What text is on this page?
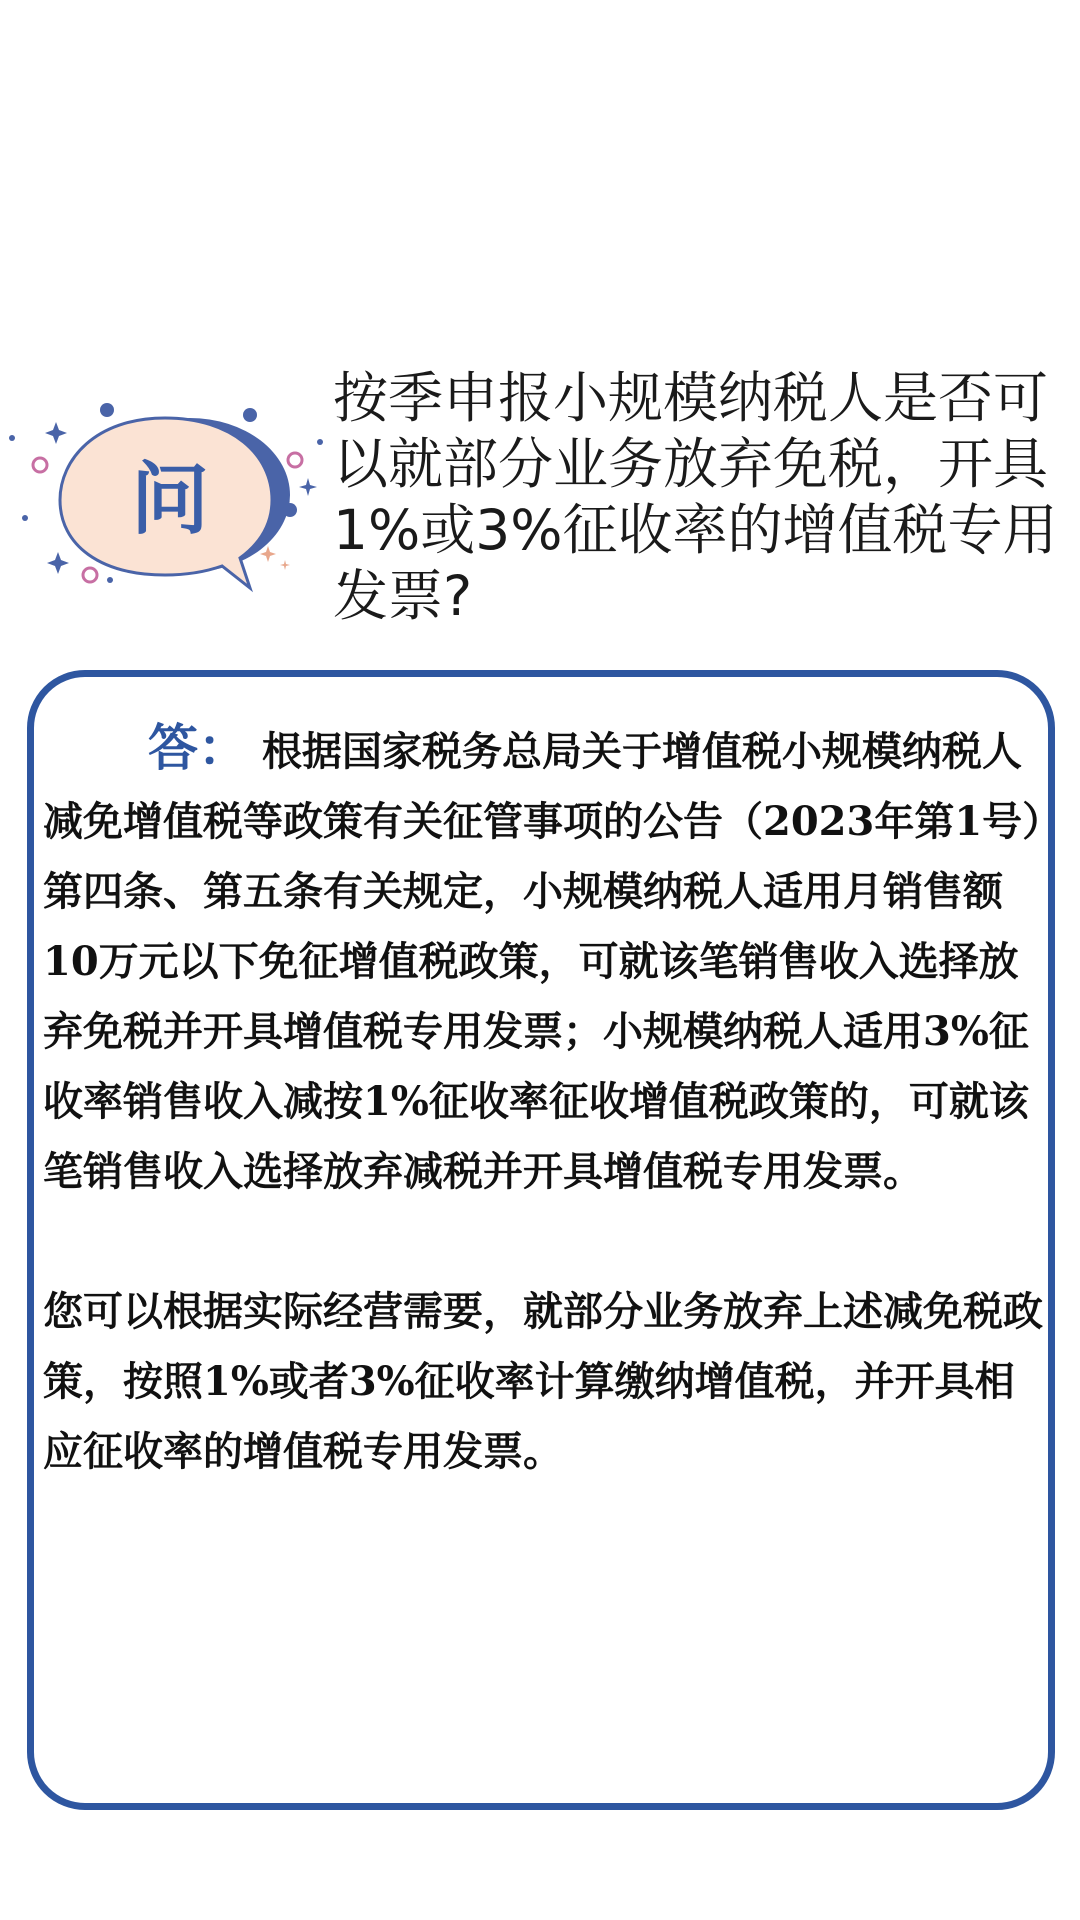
问
按季申报小规模纳税人是否可以就部分业务放弃免税，开具1%或3%征收率的增值税专用发票?

答： 根据国家税务总局关于增值税小规模纳税人减免增值税等政策有关征管事项的公告（2023年第1号）第四条、第五条有关规定，小规模纳税人适用月销售额10万元以下免征增值税政策，可就该笔销售收入选择放弃免税并开具增值税专用发票；小规模纳税人适用3%征收率销售收入减按1%征收率征收增值税政策的，可就该笔销售收入选择放弃减税并开具增值税专用发票。

您可以根据实际经营需要，就部分业务放弃上述减免税政策，按照1%或者3%征收率计算缴纳增值税，并开具相应征收率的增值税专用发票。
